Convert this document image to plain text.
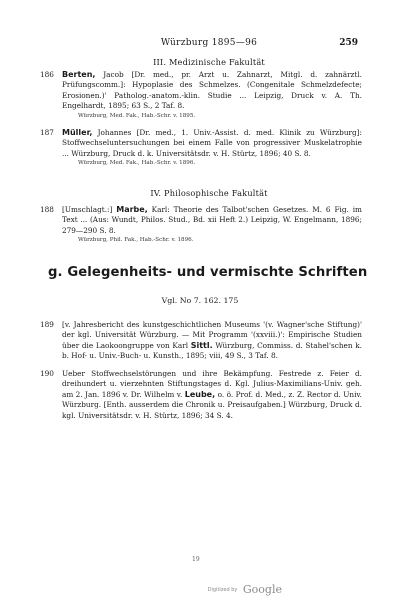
Würzburg 1895—96	259
III. Medizinische Fakultät
186	Berten, Jacob [Dr. med., pr. Arzt u. Zahnarzt, Mitgl. d. zahnärztl. Prüfungscomm.]: Hypoplasie des Schmelzes. (Congenitale Schmelzdefecte; Erosionen.)' Patholog.-anatom.-klin. Studie ... Leipzig, Druck v. A. Th. Engelhardt, 1895; 63 S., 2 Taf. 8.
Würzburg, Med. Fak., Hab.-Schr. v. 1895.
187	Müller, Johannes [Dr. med., 1. Univ.-Assist. d. med. Klinik zu Würzburg]: Stoffwechseluntersuchungen bei einem Falle von progressiver Muskelatrophie ... Würzburg, Druck d. k. Universitätsdr. v. H. Stürtz, 1896; 40 S. 8.
Würzburg, Med. Fak., Hab.-Schr. v. 1896.
IV. Philosophische Fakultät
188	[Umschlagt.:] Marbe, Karl: Theorie des Talbot'schen Gesetzes. M. 6 Fig. im Text ... (Aus: Wundt, Philos. Stud., Bd. xii Heft 2.) Leipzig, W. Engelmann, 1896; 279—290 S. 8.
Würzburg, Phil. Fak., Hab.-Schr. v. 1896.
g. Gelegenheits- und vermischte Schriften
Vgl. No 7. 162. 175
189	[v. Jahresbericht des kunstgeschichtlichen Museums '(v. Wagner'sche Stiftung)' der kgl. Universität Würzburg. — Mit Programm '(xxviii.)': Empirische Studien über die Laokoongruppe von Karl Sittl. Würzburg, Commiss. d. Stahel'schen k. b. Hof- u. Univ.-Buch- u. Kunsth., 1895; viii, 49 S., 3 Taf. 8.
190	Ueber Stoffwechselstörungen und ihre Bekämpfung. Festrede z. Feier d. dreihundert u. vierzehnten Stiftungstages d. Kgl. Julius-Maximilians-Univ. geh. am 2. Jan. 1896 v. Dr. Wilhelm v. Leube, o. ö. Prof. d. Med., z. Z. Rector d. Univ. Würzburg. [Enth. ausserdem die Chronik u. Preisaufgaben.] Würzburg, Druck d. kgl. Universitätsdr. v. H. Stürtz, 1896; 34 S. 4.
19
Digitized by Google
